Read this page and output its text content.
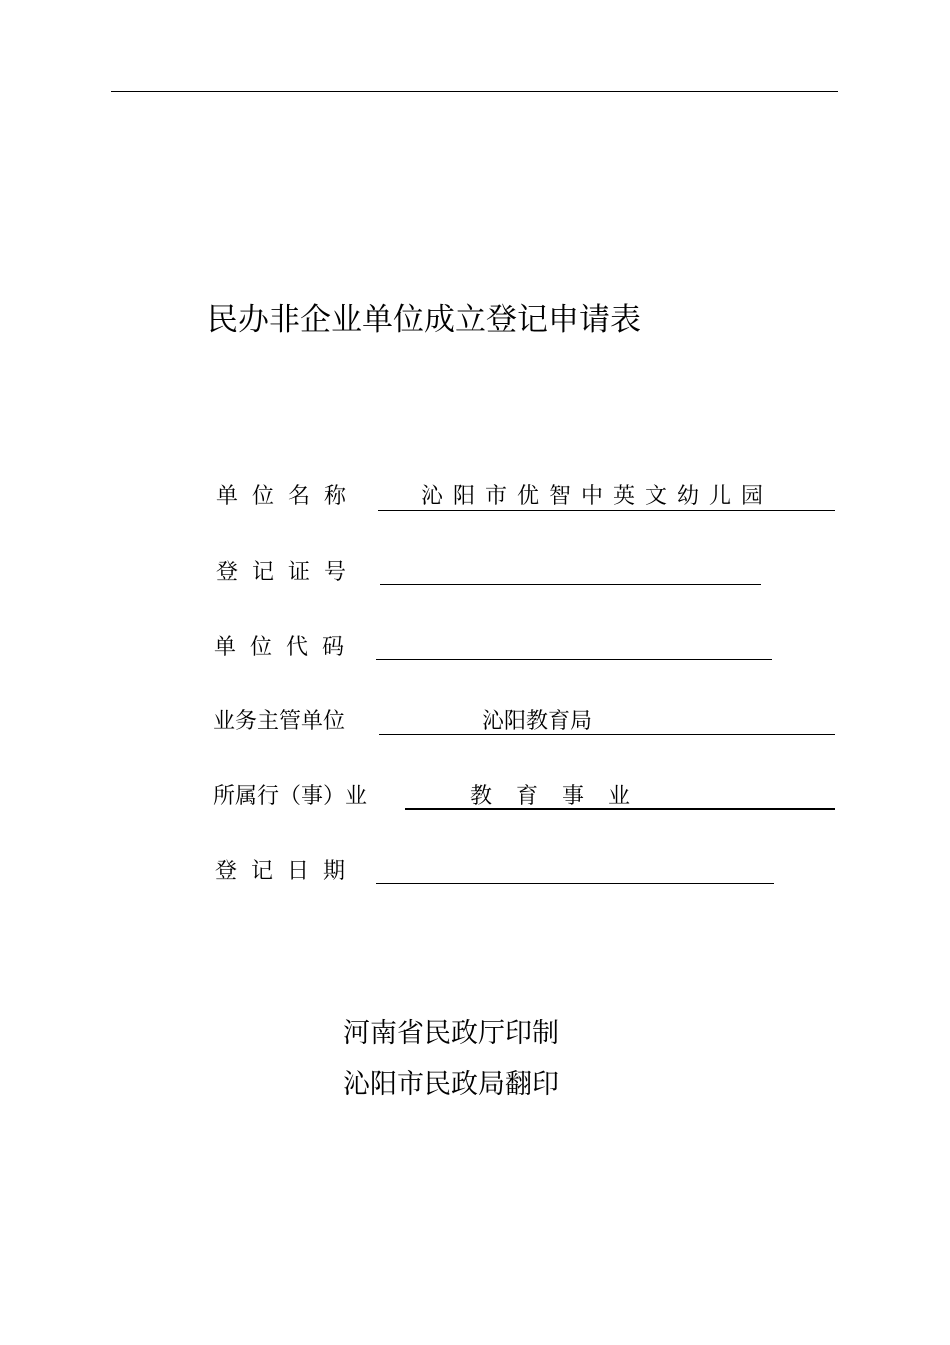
民办非企业单位成立登记申请表
单位名称	沁阳市优智中英文幼儿园
登记证号
单位代码
业务主管单位	沁阳教育局
所属行（事）业	教育事业
登记日期
河南省民政厅印制
沁阳市民政局翻印
